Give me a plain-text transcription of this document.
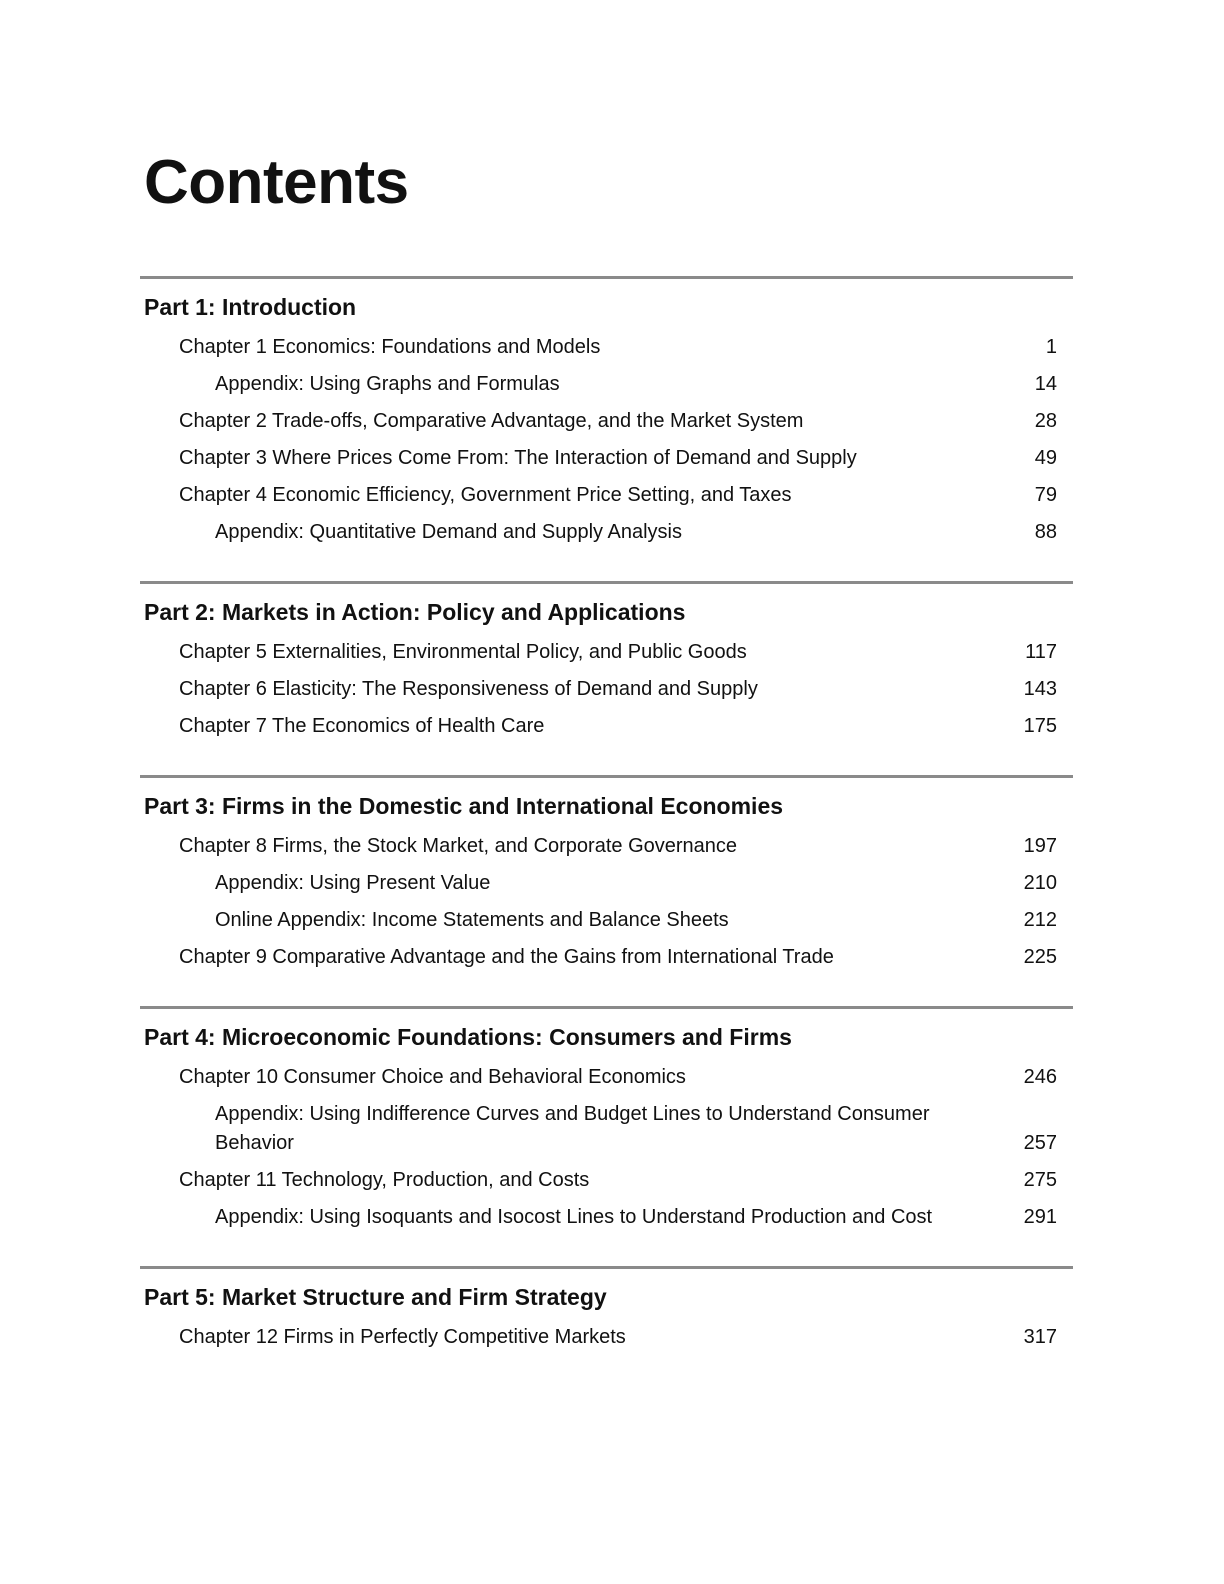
Contents
Part 1: Introduction
Chapter 1 Economics: Foundations and Models	1
Appendix: Using Graphs and Formulas	14
Chapter 2 Trade-offs, Comparative Advantage, and the Market System	28
Chapter 3 Where Prices Come From: The Interaction of Demand and Supply	49
Chapter 4 Economic Efficiency, Government Price Setting, and Taxes	79
Appendix: Quantitative Demand and Supply Analysis	88
Part 2: Markets in Action: Policy and Applications
Chapter 5 Externalities, Environmental Policy, and Public Goods	117
Chapter 6 Elasticity: The Responsiveness of Demand and Supply	143
Chapter 7 The Economics of Health Care	175
Part 3: Firms in the Domestic and International Economies
Chapter 8 Firms, the Stock Market, and Corporate Governance	197
Appendix: Using Present Value	210
Online Appendix: Income Statements and Balance Sheets	212
Chapter 9 Comparative Advantage and the Gains from International Trade	225
Part 4: Microeconomic Foundations: Consumers and Firms
Chapter 10 Consumer Choice and Behavioral Economics	246
Appendix: Using Indifference Curves and Budget Lines to Understand Consumer Behavior	257
Chapter 11 Technology, Production, and Costs	275
Appendix: Using Isoquants and Isocost Lines to Understand Production and Cost	291
Part 5: Market Structure and Firm Strategy
Chapter 12 Firms in Perfectly Competitive Markets	317
